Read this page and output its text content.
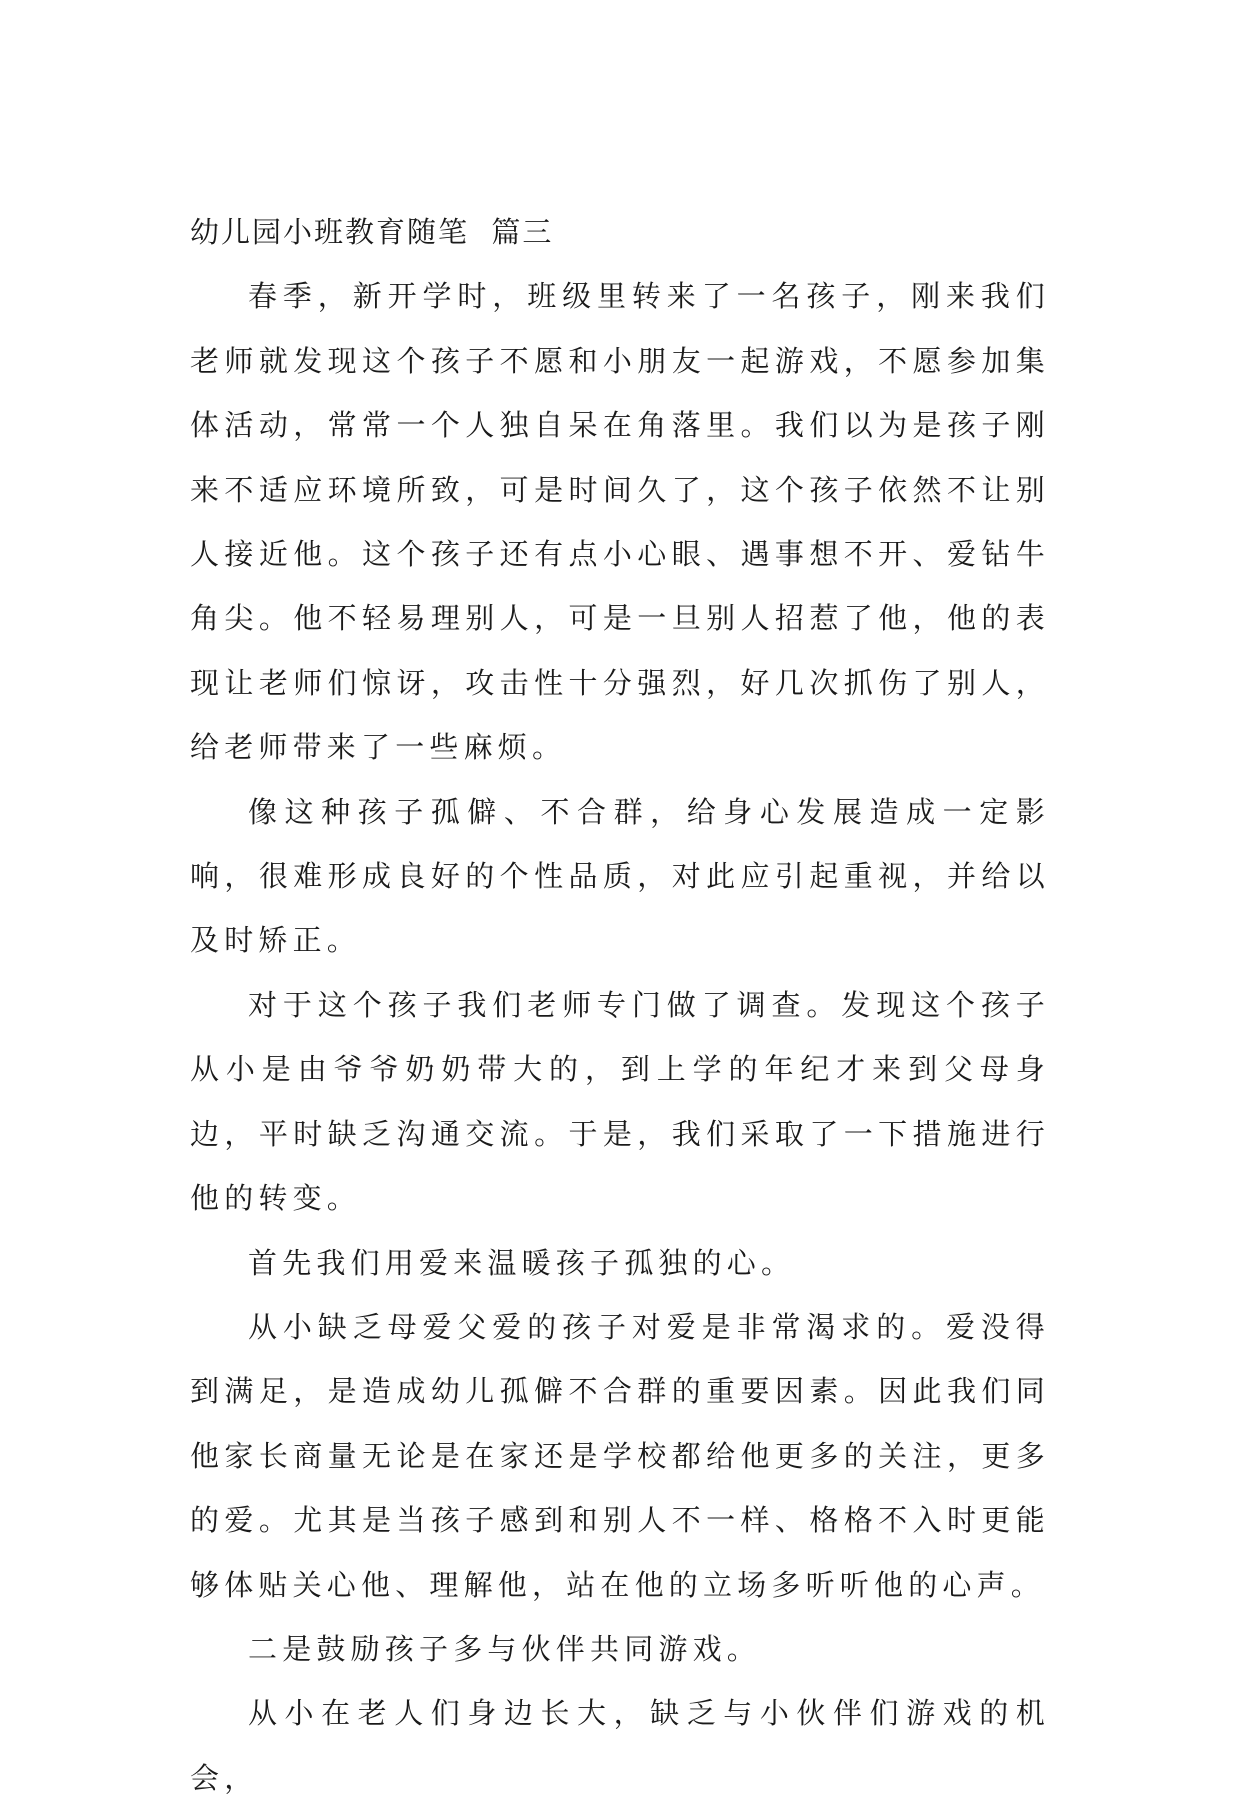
幼儿园小班教育随笔  篇三

春季，新开学时，班级里转来了一名孩子，刚来我们老师就发现这个孩子不愿和小朋友一起游戏，不愿参加集体活动，常常一个人独自呆在角落里。我们以为是孩子刚来不适应环境所致，可是时间久了，这个孩子依然不让别人接近他。这个孩子还有点小心眼、遇事想不开、爱钻牛角尖。他不轻易理别人，可是一旦别人招惹了他，他的表现让老师们惊讶，攻击性十分强烈，好几次抓伤了别人，给老师带来了一些麻烦。

像这种孩子孤僻、不合群，给身心发展造成一定影响，很难形成良好的个性品质，对此应引起重视，并给以及时矫正。

对于这个孩子我们老师专门做了调查。发现这个孩子从小是由爷爷奶奶带大的，到上学的年纪才来到父母身边，平时缺乏沟通交流。于是，我们采取了一下措施进行他的转变。

首先我们用爱来温暖孩子孤独的心。

从小缺乏母爱父爱的孩子对爱是非常渴求的。爱没得到满足，是造成幼儿孤僻不合群的重要因素。因此我们同他家长商量无论是在家还是学校都给他更多的关注，更多的爱。尤其是当孩子感到和别人不一样、格格不入时更能够体贴关心他、理解他，站在他的立场多听听他的心声。

二是鼓励孩子多与伙伴共同游戏。

从小在老人们身边长大，缺乏与小伙伴们游戏的机会，
